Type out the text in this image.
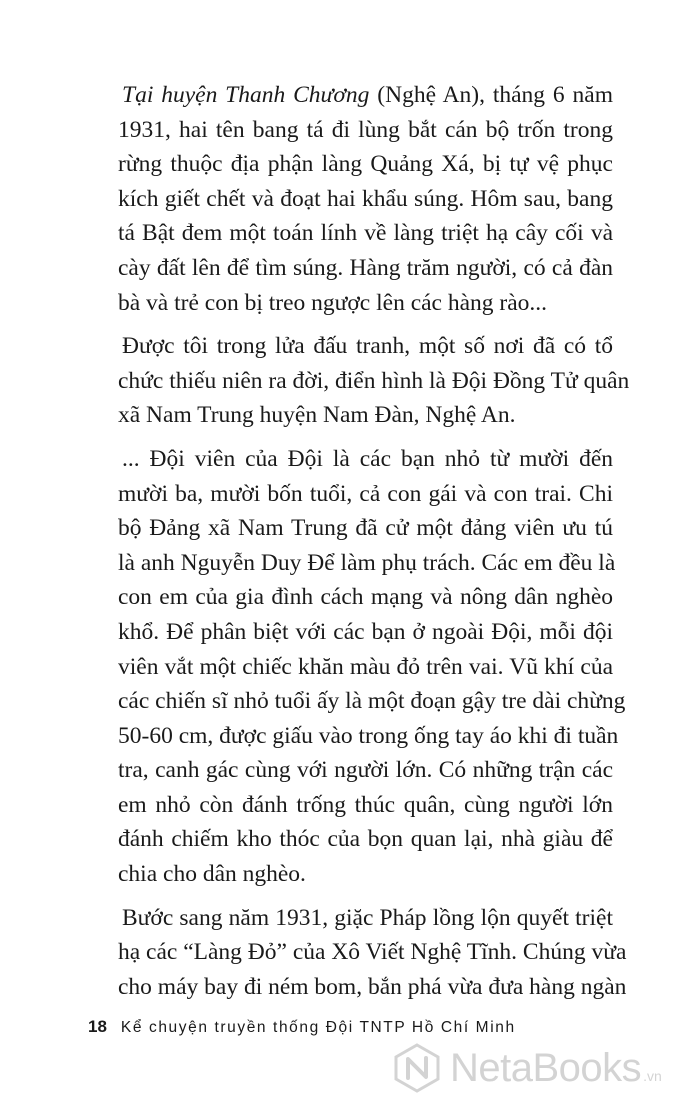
Tại huyện Thanh Chương (Nghệ An), tháng 6 năm
1931, hai tên bang tá đi lùng bắt cán bộ trốn trong
rừng thuộc địa phận làng Quảng Xá, bị tự vệ phục
kích giết chết và đoạt hai khẩu súng. Hôm sau, bang
tá Bật đem một toán lính về làng triệt hạ cây cối và
cày đất lên để tìm súng. Hàng trăm người, có cả đàn
bà và trẻ con bị treo ngược lên các hàng rào...

Được tôi trong lửa đấu tranh, một số nơi đã có tổ
chức thiếu niên ra đời, điển hình là Đội Đồng Tử quân
xã Nam Trung huyện Nam Đàn, Nghệ An.

... Đội viên của Đội là các bạn nhỏ từ mười đến
mười ba, mười bốn tuổi, cả con gái và con trai. Chi
bộ Đảng xã Nam Trung đã cử một đảng viên ưu tú
là anh Nguyễn Duy Để làm phụ trách. Các em đều là
con em của gia đình cách mạng và nông dân nghèo
khổ. Để phân biệt với các bạn ở ngoài Đội, mỗi đội
viên vắt một chiếc khăn màu đỏ trên vai. Vũ khí của
các chiến sĩ nhỏ tuổi ấy là một đoạn gậy tre dài chừng
50-60 cm, được giấu vào trong ống tay áo khi đi tuần
tra, canh gác cùng với người lớn. Có những trận các
em nhỏ còn đánh trống thúc quân, cùng người lớn
đánh chiếm kho thóc của bọn quan lại, nhà giàu để
chia cho dân nghèo.

Bước sang năm 1931, giặc Pháp lồng lộn quyết triệt
hạ các “Làng Đỏ” của Xô Viết Nghệ Tĩnh. Chúng vừa
cho máy bay đi ném bom, bắn phá vừa đưa hàng ngàn

18 Kể chuyện truyền thống Đội TNTP Hồ Chí Minh
NetaBooks .vn
